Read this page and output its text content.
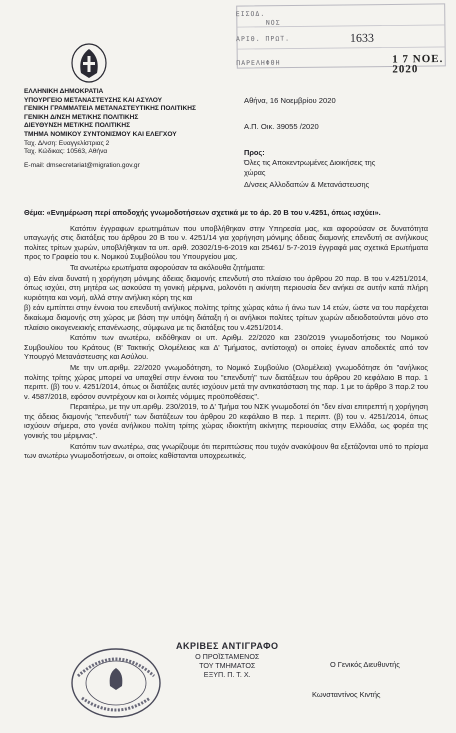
ΕΙΣΟΔ.
ΝΟΣ
ΑΡΙΘ. ΠΡΩΤ.	1633
ΠΑΡΕΛΗΦΘΗ	1 7 ΝΟΕ. 2020
ΕΛΛΗΝΙΚΗ ΔΗΜΟΚΡΑΤΙΑ
ΥΠΟΥΡΓΕΙΟ ΜΕΤΑΝΑΣΤΕΥΣΗΣ ΚΑΙ ΑΣΥΛΟΥ
ΓΕΝΙΚΗ ΓΡΑΜΜΑΤΕΙΑ ΜΕΤΑΝΑΣΤΕΥΤΙΚΗΣ ΠΟΛΙΤΙΚΗΣ
ΓΕΝΙΚΗ Δ/ΝΣΗ ΜΕΤ/ΚΗΣ ΠΟΛΙΤΙΚΗΣ
ΔΙΕΥΘΥΝΣΗ ΜΕΤ/ΚΗΣ ΠΟΛΙΤΙΚΗΣ
ΤΜΗΜΑ ΝΟΜΙΚΟΥ ΣΥΝΤΟΝΙΣΜΟΥ ΚΑΙ ΕΛΕΓΧΟΥ
Ταχ. Δ/νση: Ευαγγελίστριας 2
Ταχ. Κώδικας: 10563, Αθήνα
E-mail: dmsecretariat@migration.gov.gr
Αθήνα, 16 Νοεμβρίου 2020
Α.Π. Οικ. 39055 /2020
Προς:
Όλες τις Αποκεντρωμένες Διοικήσεις της
χώρας
Δ/νσεις Αλλοδαπών & Μετανάστευσης

Θέμα: «Ενημέρωση περί αποδοχής γνωμοδοτήσεων σχετικά με το άρ. 20 Β του ν.4251, όπως ισχύει».

Κατόπιν έγγραφων ερωτημάτων που υποβλήθηκαν στην Υπηρεσία μας, και αφορούσαν σε δυνατότητα υπαγωγής στις διατάξεις του άρθρου 20 Β του ν. 4251/14 για χορήγηση μόνιμης άδειας διαμονής επενδυτή σε ανήλικους πολίτες τρίτων χωρών, υποβλήθηκαν τα υπ. αριθ. 20302/19-6-2019 και 25461/ 5-7-2019 έγγραφά μας σχετικά Ερωτήματα προς το Γραφείο του κ. Νομικού Συμβούλου του Υπουργείου μας.

Τα ανωτέρω ερωτήματα αφορούσαν τα ακόλουθα ζητήματα:

α) Εάν είναι δυνατή η χορήγηση μόνιμης άδειας διαμονής επενδυτή στο πλαίσιο του άρθρου 20 παρ. Β του ν.4251/2014, όπως ισχύει, στη μητέρα ως ασκούσα τη γονική μέριμνα, μολονότι η ακίνητη περιουσία δεν ανήκει σε αυτήν κατά πλήρη κυριότητα και νομή, αλλά στην ανήλικη κόρη της και

β) εάν εμπίπτει στην έννοια του επενδυτή ανήλικος πολίτης τρίτης χώρας κάτω ή άνω των 14 ετών, ώστε να του παρέχεται δικαίωμα διαμονής στη χώρας με βάση την υπόψη διάταξη ή οι ανήλικοι πολίτες τρίτων χωρών αδειοδοτούνται μόνο στο πλαίσιο οικογενειακής επανένωσης, σύμφωνα με τις διατάξεις του ν.4251/2014.

Κατόπιν των ανωτέρω, εκδόθηκαν οι υπ. Αριθμ. 22/2020 και 230/2019 γνωμοδοτήσεις του Νομικού Συμβουλίου του Κράτους (Β' Τακτικής Ολομέλειας και Δ' Τμήματος, αντίστοιχα) οι οποίες έγιναν αποδεκτές από τον Υπουργό Μετανάστευσης και Ασύλου.

Με την υπ.αριθμ. 22/2020 γνωμοδότηση, το Νομικό Συμβούλιο (Ολομέλεια) γνωμοδότησε ότι "ανήλικος πολίτης τρίτης χώρας μπορεί να υπαχθεί στην έννοια του "επενδυτή" των διατάξεων του άρθρου 20 κεφάλαιο Β παρ. 1 περιπτ. (β) του ν. 4251/2014, όπως οι διατάξεις αυτές ισχύουν μετά την αντικατάσταση της παρ. 1 με το άρθρο 3 παρ.2 του ν. 4587/2018, εφόσον συντρέχουν και οι λοιπές νόμιμες προϋποθέσεις".

Περαιτέρω, με την υπ.αριθμ. 230/2019, το Δ' Τμήμα του ΝΣΚ γνωμοδοτεί ότι "δεν είναι επιτρεπτή η χορήγηση της άδειας διαμονής "επενδυτή" των διατάξεων του άρθρου 20 κεφάλαιο Β περ. 1 περιπτ. (β) του ν. 4251/2014, όπως ισχύουν σήμερα, στο γονέα ανήλικου πολίτη τρίτης χώρας ιδιοκτήτη ακίνητης περιουσίας στην Ελλάδα, ως φορέα της γονικής του μέριμνας".

Κατόπιν των ανωτέρω, σας γνωρίζουμε ότι περιπτώσεις που τυχόν ανακύψουν θα εξετάζονται υπό το πρίσμα των ανωτέρω γνωμοδοτήσεων, οι οποίες καθίστανται υποχρεωτικές.

ΑΚΡΙΒΕΣ ΑΝΤΙΓΡΑΦΟ
Ο ΠΡΟΪΣΤΑΜΕΝΟΣ
ΤΟΥ ΤΜΗΜΑΤΟΣ
ΕΞΥΠ. Π. Τ. Χ.
Ο Γενικός Διευθυντής
Κωνσταντίνος Κιντής
